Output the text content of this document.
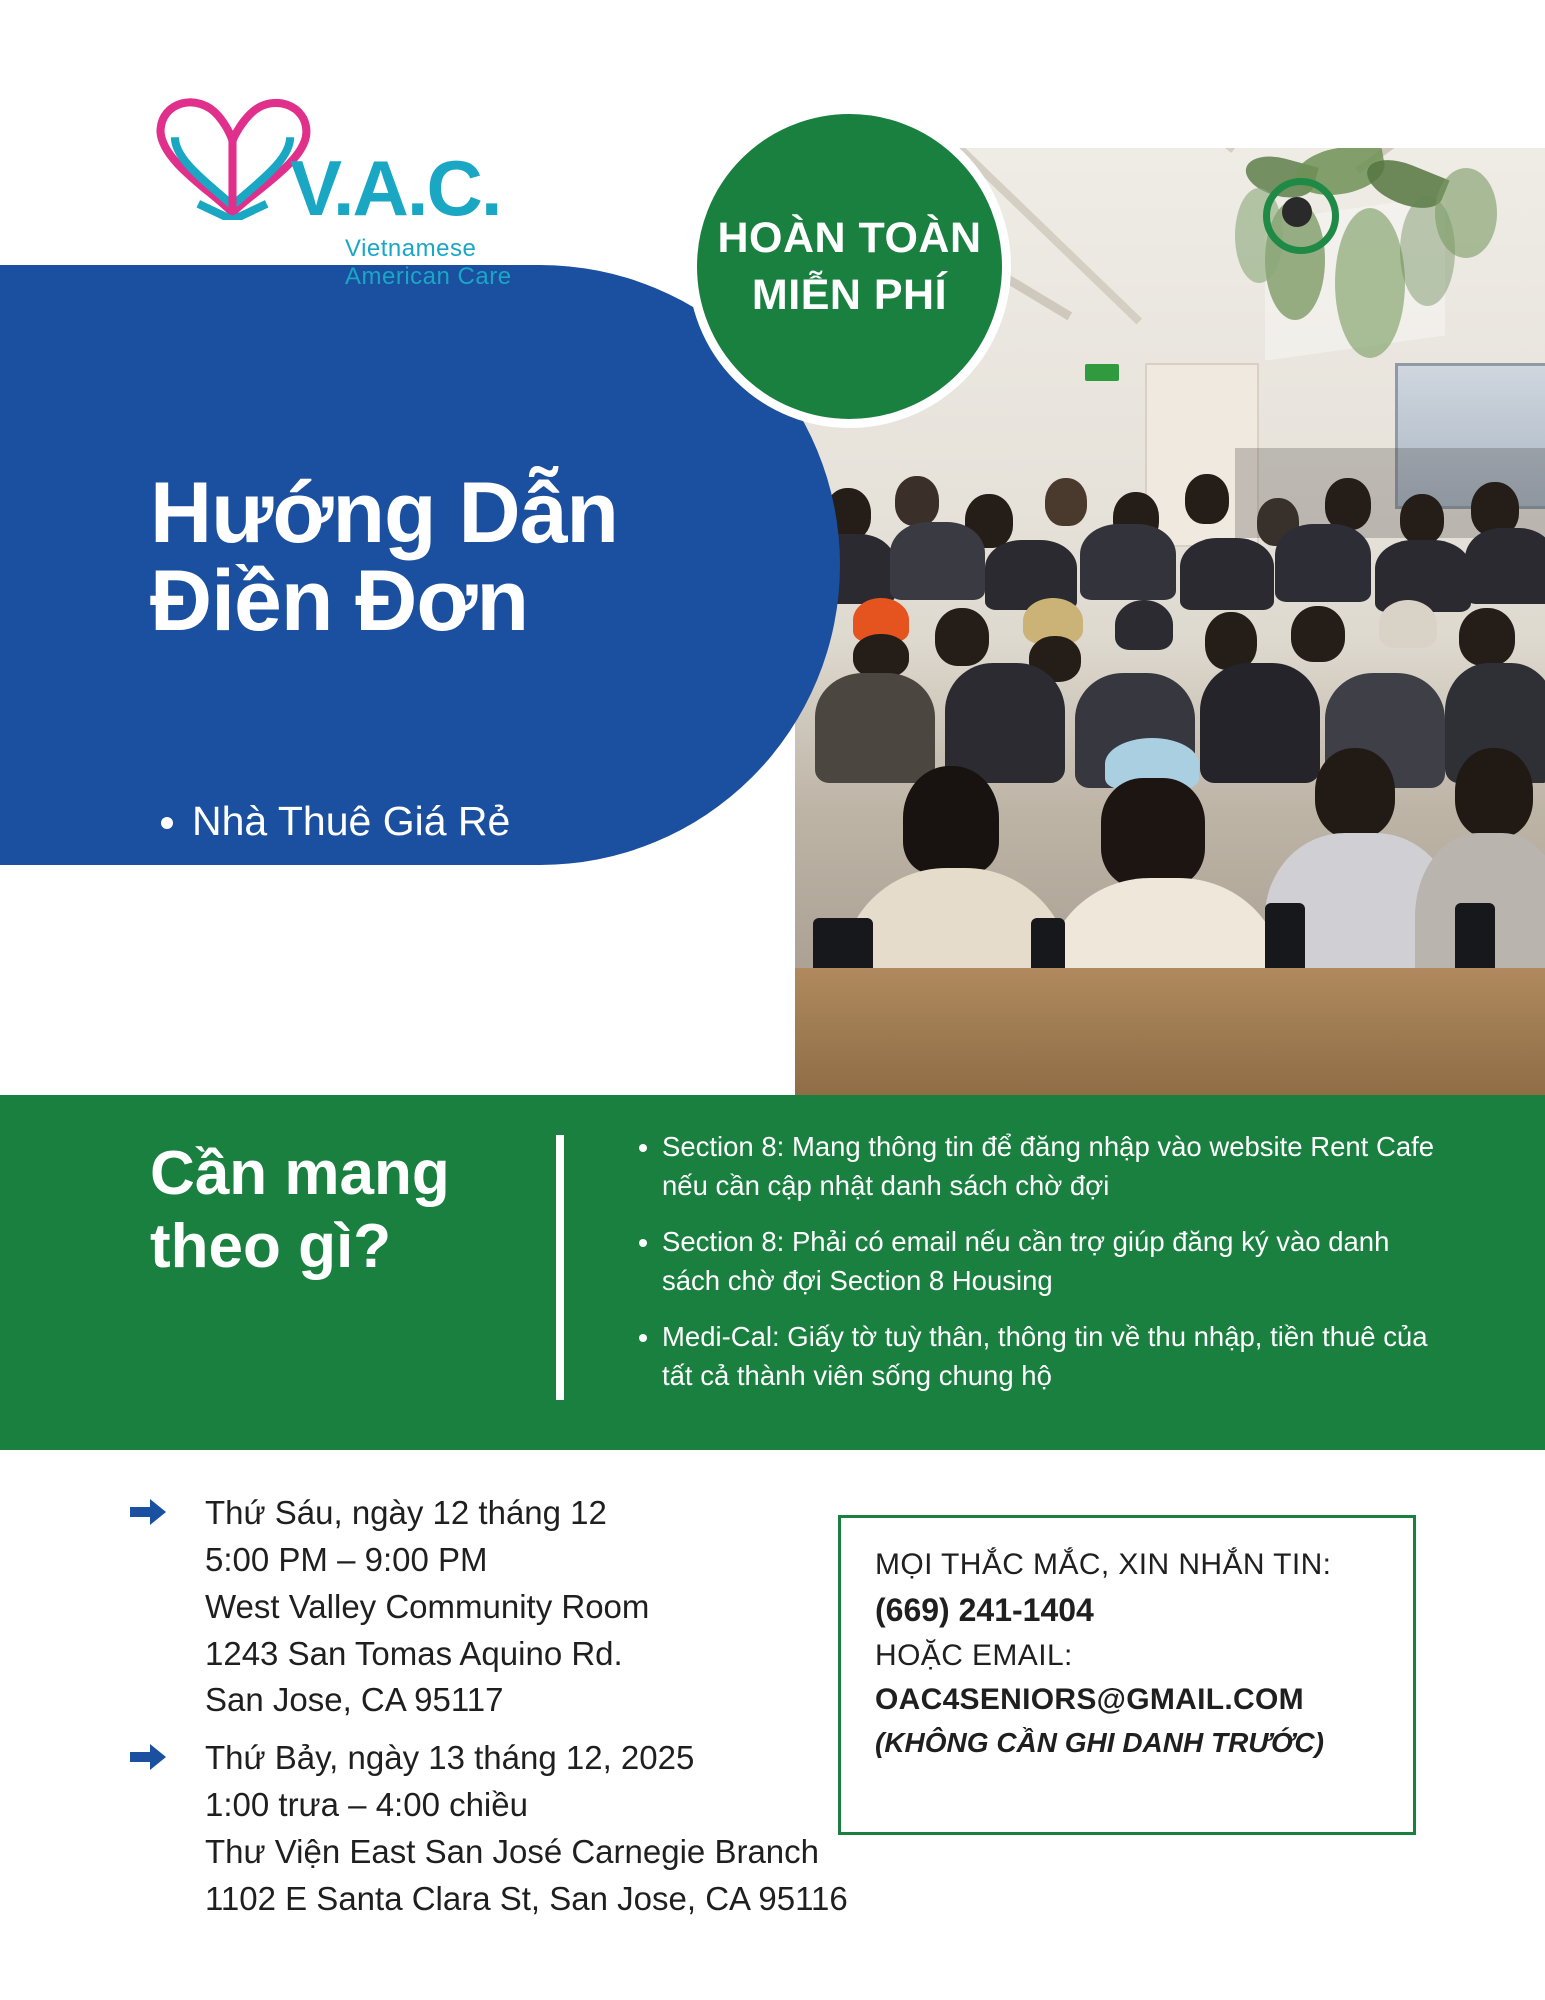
V.A.C.
Vietnamese American Care
HOÀN TOÀN MIỄN PHÍ
Hướng Dẫn
Điền Đơn
• Nhà Thuê Giá Rẻ
• Section 8 Housing
• Medi-Cal
Cần mang theo gì?
• Section 8: Mang thông tin để đăng nhập vào website Rent Cafe nếu cần cập nhật danh sách chờ đợi
• Section 8: Phải có email nếu cần trợ giúp đăng ký vào danh sách chờ đợi Section 8 Housing
• Medi-Cal: Giấy tờ tuỳ thân, thông tin về thu nhập, tiền thuê của tất cả thành viên sống chung hộ
Thứ Sáu, ngày 12 tháng 12
5:00 PM – 9:00 PM
West Valley Community Room
1243 San Tomas Aquino Rd.
San Jose, CA 95117
Thứ Bảy, ngày 13 tháng 12, 2025
1:00 trưa – 4:00 chiều
Thư Viện East San José Carnegie Branch
1102 E Santa Clara St, San Jose, CA 95116
MỌI THẮC MẮC, XIN NHẮN TIN:
(669) 241-1404
HOẶC EMAIL:
OAC4SENIORS@GMAIL.COM
(KHÔNG CẦN GHI DANH TRƯỚC)
